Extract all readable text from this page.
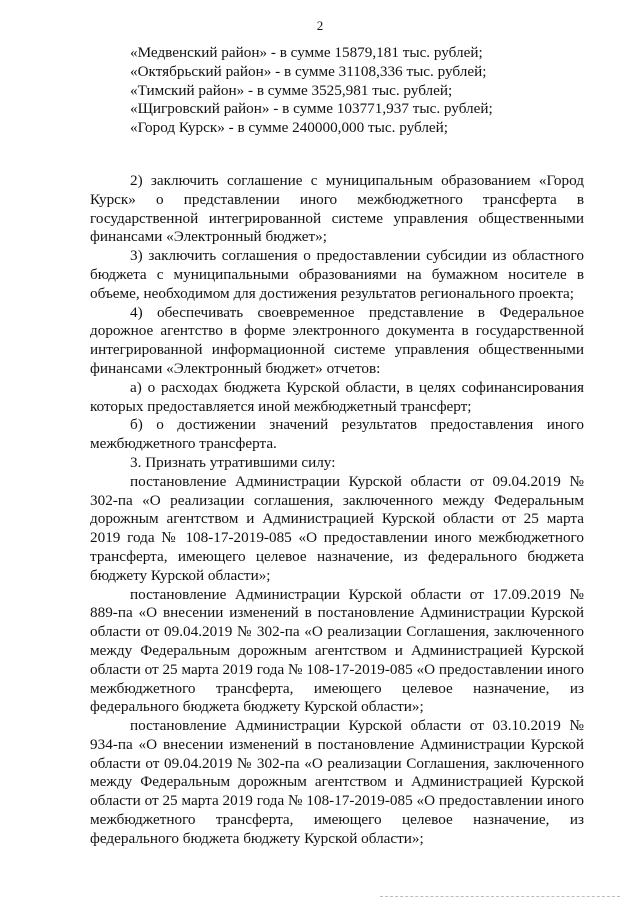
2

«Медвенский район» - в сумме 15879,181 тыс. рублей;

«Октябрьский район» - в сумме 31108,336 тыс. рублей;

«Тимский район» - в сумме 3525,981 тыс. рублей;

«Щигровский район» - в сумме 103771,937 тыс. рублей;

«Город Курск» - в сумме 240000,000 тыс. рублей;

2) заключить соглашение с муниципальным образованием «Город Курск» о представлении иного межбюджетного трансферта в государственной интегрированной системе управления общественными финансами «Электронный бюджет»;

3) заключить соглашения о предоставлении субсидии из областного бюджета с муниципальными образованиями на бумажном носителе в объеме, необходимом для достижения результатов регионального проекта;

4) обеспечивать своевременное представление в Федеральное дорожное агентство в форме электронного документа в государственной интегрированной информационной системе управления общественными финансами «Электронный бюджет» отчетов:

а) о расходах бюджета Курской области, в целях софинансирования которых предоставляется иной межбюджетный трансферт;

б) о достижении значений результатов предоставления иного межбюджетного трансферта.

3. Признать утратившими силу:

постановление Администрации Курской области от 09.04.2019 № 302-па «О реализации соглашения, заключенного между Федеральным дорожным агентством и Администрацией Курской области от 25 марта 2019 года № 108-17-2019-085 «О предоставлении иного межбюджетного трансферта, имеющего целевое назначение, из федерального бюджета бюджету Курской области»;

постановление Администрации Курской области от 17.09.2019 № 889-па «О внесении изменений в постановление Администрации Курской области от 09.04.2019 № 302-па «О реализации Соглашения, заключенного между Федеральным дорожным агентством и Администрацией Курской области от 25 марта 2019 года № 108-17-2019-085 «О предоставлении иного межбюджетного трансферта, имеющего целевое назначение, из федерального бюджета бюджету Курской области»;

постановление Администрации Курской области от 03.10.2019 № 934-па «О внесении изменений в постановление Администрации Курской области от 09.04.2019 № 302-па «О реализации Соглашения, заключенного между Федеральным дорожным агентством и Администрацией Курской области от 25 марта 2019 года № 108-17-2019-085 «О предоставлении иного межбюджетного трансферта, имеющего целевое назначение, из федерального бюджета бюджету Курской области»;
